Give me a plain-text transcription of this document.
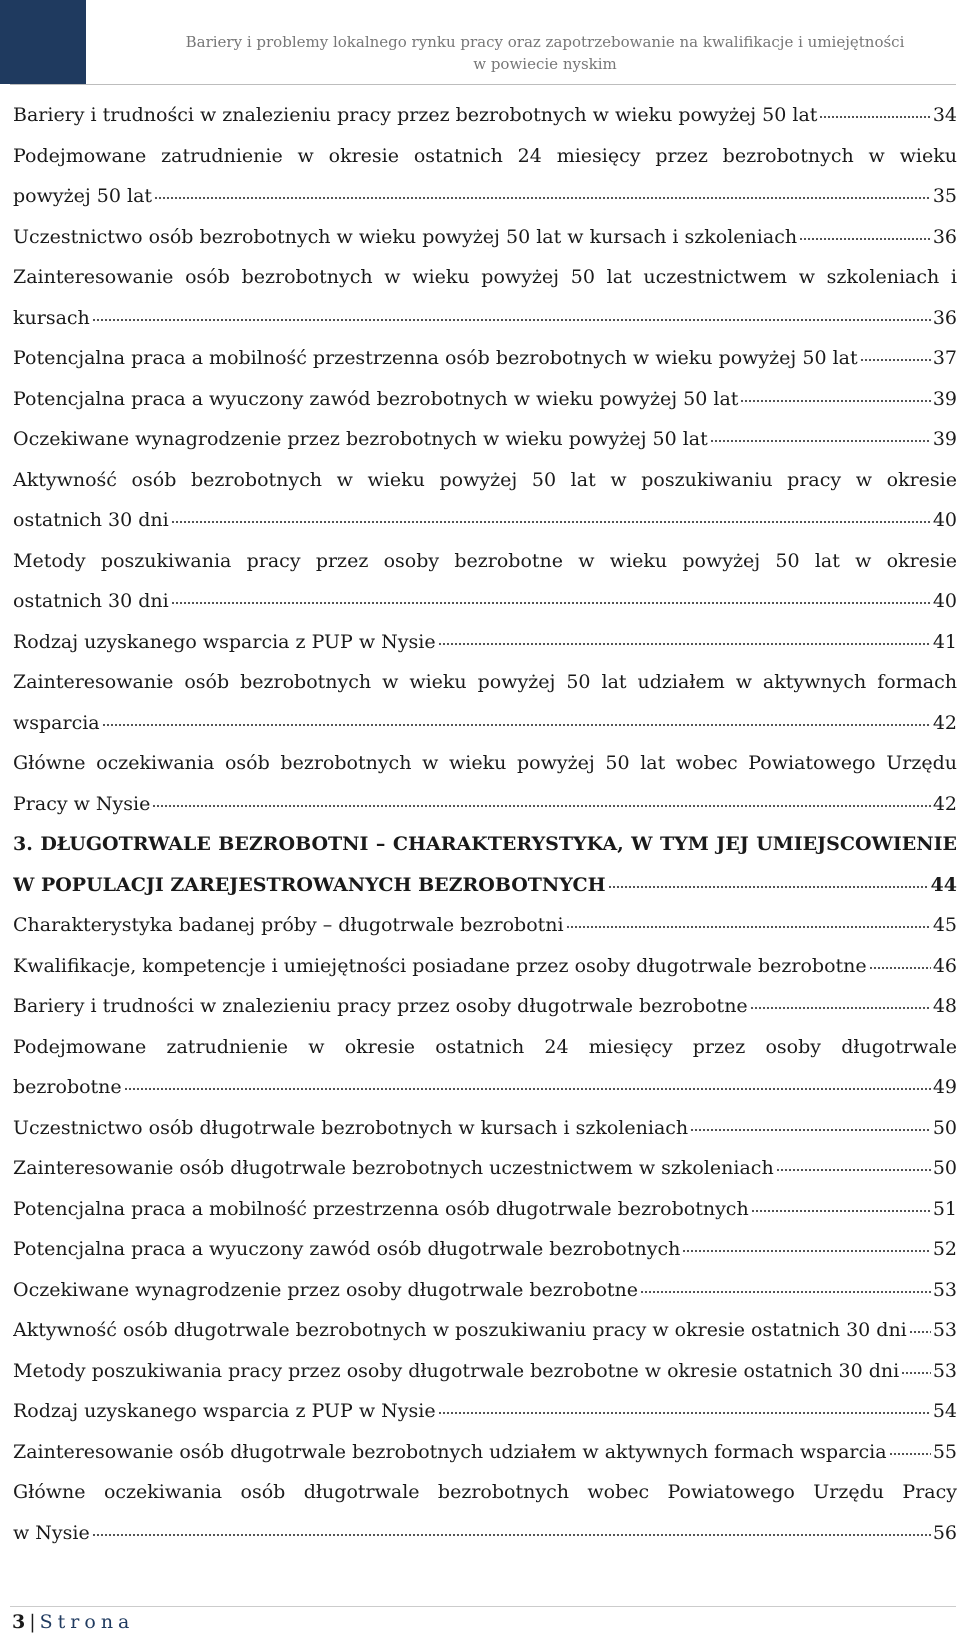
Bariery i problemy lokalnego rynku pracy oraz zapotrzebowanie na kwalifikacje i umiejętności
w powiecie nyskim
Bariery i trudności w znalezieniu pracy przez bezrobotnych w wieku powyżej 50 lat	34
Podejmowane zatrudnienie w okresie ostatnich 24 miesięcy przez bezrobotnych w wieku
powyżej 50 lat	35
Uczestnictwo osób bezrobotnych w wieku powyżej 50 lat w kursach i szkoleniach	36
Zainteresowanie osób bezrobotnych w wieku powyżej 50 lat uczestnictwem w szkoleniach i
kursach	36
Potencjalna praca a mobilność przestrzenna osób bezrobotnych w wieku powyżej 50 lat	37
Potencjalna praca a wyuczony zawód bezrobotnych w wieku powyżej 50 lat	39
Oczekiwane wynagrodzenie przez bezrobotnych w wieku powyżej 50 lat	39
Aktywność osób bezrobotnych w wieku powyżej 50 lat w poszukiwaniu pracy w okresie
ostatnich 30 dni	40
Metody poszukiwania pracy przez osoby bezrobotne w wieku powyżej 50 lat w okresie
ostatnich 30 dni	40
Rodzaj uzyskanego wsparcia z PUP w Nysie	41
Zainteresowanie osób bezrobotnych w wieku powyżej 50 lat udziałem w aktywnych formach
wsparcia	42
Główne oczekiwania osób bezrobotnych w wieku powyżej 50 lat wobec Powiatowego Urzędu
Pracy w Nysie	42
3. DŁUGOTRWALE BEZROBOTNI – CHARAKTERYSTYKA, W TYM JEJ UMIEJSCOWIENIE
W POPULACJI ZAREJESTROWANYCH BEZROBOTNYCH	44
Charakterystyka badanej próby – długotrwale bezrobotni	45
Kwalifikacje, kompetencje i umiejętności posiadane przez osoby długotrwale bezrobotne	46
Bariery i trudności w znalezieniu pracy przez osoby długotrwale bezrobotne	48
Podejmowane zatrudnienie w okresie ostatnich 24 miesięcy przez osoby długotrwale
bezrobotne	49
Uczestnictwo osób długotrwale bezrobotnych w kursach i szkoleniach	50
Zainteresowanie osób długotrwale bezrobotnych uczestnictwem w szkoleniach	50
Potencjalna praca a mobilność przestrzenna osób długotrwale bezrobotnych	51
Potencjalna praca a wyuczony zawód osób długotrwale bezrobotnych	52
Oczekiwane wynagrodzenie przez osoby długotrwale bezrobotne	53
Aktywność osób długotrwale bezrobotnych w poszukiwaniu pracy w okresie ostatnich 30 dni 53
Metody poszukiwania pracy przez osoby długotrwale bezrobotne w okresie ostatnich 30 dni 53
Rodzaj uzyskanego wsparcia z PUP w Nysie	54
Zainteresowanie osób długotrwale bezrobotnych udziałem w aktywnych formach wsparcia 55
Główne oczekiwania osób długotrwale bezrobotnych wobec Powiatowego Urzędu Pracy
w Nysie	56
3 | Strona
